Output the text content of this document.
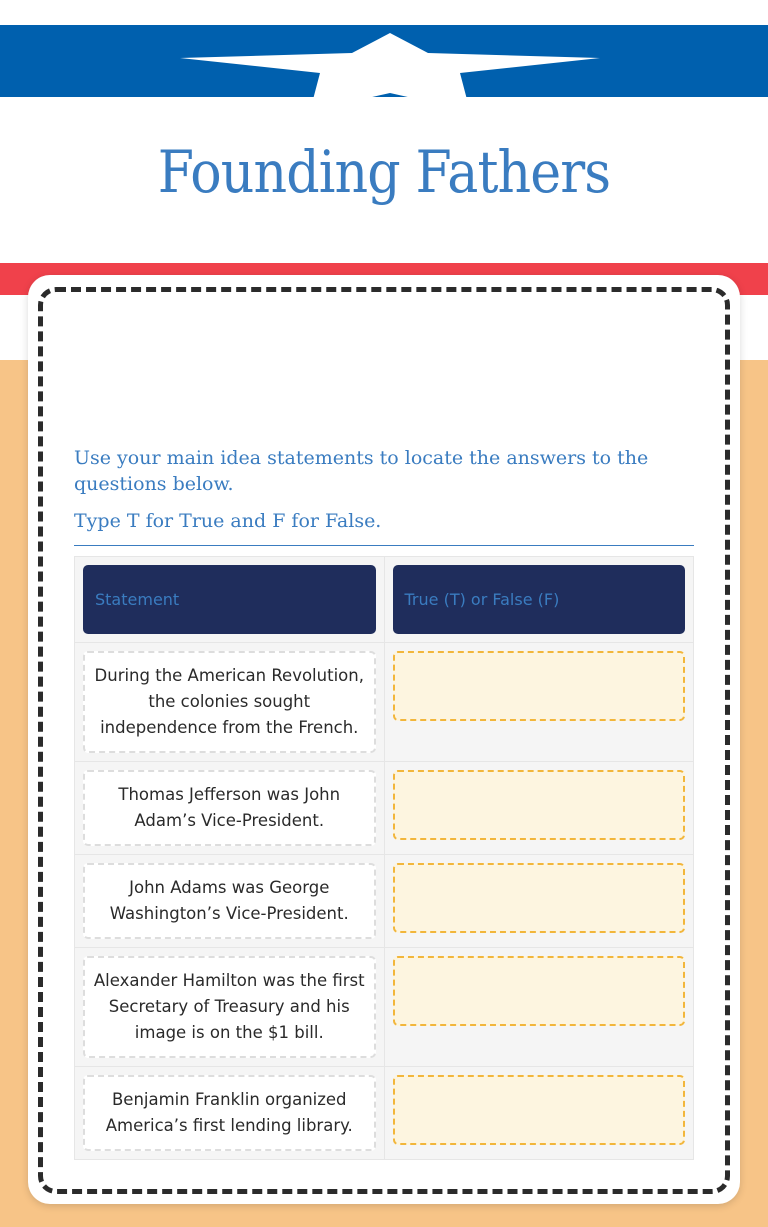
Founding Fathers

Use your main idea statements to locate the answers to the questions below.

Type T for True and F for False.

Statement	True (T) or False (F)

During the American Revolution, the colonies sought independence from the French.	

Thomas Jefferson was John Adam’s Vice-President.	

John Adams was George Washington’s Vice-President.	

Alexander Hamilton was the first Secretary of Treasury and his image is on the $1 bill.	

Benjamin Franklin organized America’s first lending library.	
